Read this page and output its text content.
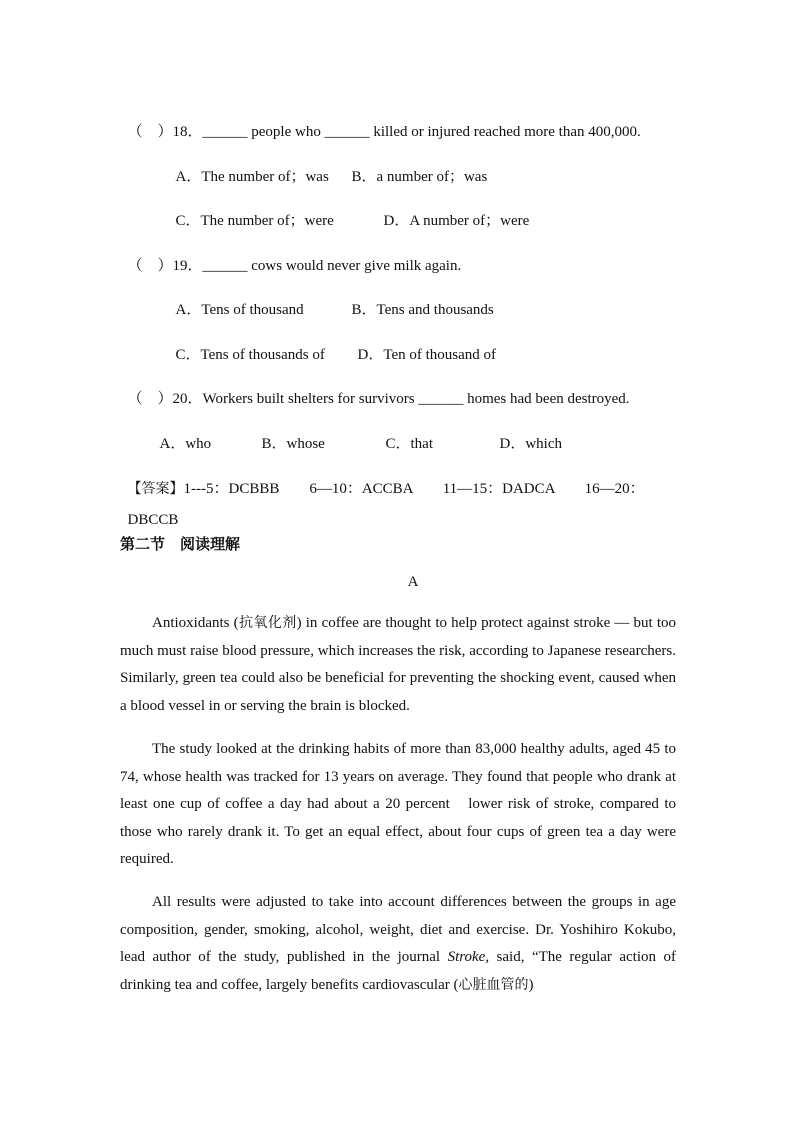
（　）18．______ people who ______ killed or injured reached more than 400,000.

A．The number of；was B．a number of；was

C．The number of；were	D．A number of；were

（　）19．______ cows would never give milk again.

A．Tens of thousand	B．Tens and thousands

C．Tens of thousands of D．Ten of thousand of

（　）20．Workers built shelters for survivors ______ homes had been destroyed.

A．who	B．whose	C．that	D．which

【答案】1---5：DCBBB　　6—10：ACCBA　　11—15：DADCA　　16—20：

DBCCB

第二节　阅读理解
A

Antioxidants (抗氧化剂) in coffee are thought to help protect against stroke — but too much must raise blood pressure, which increases the risk, according to Japanese researchers. Similarly, green tea could also be beneficial for preventing the shocking event, caused when a blood vessel in or serving the brain is blocked.

The study looked at the drinking habits of more than 83,000 healthy adults, aged 45 to 74, whose health was tracked for 13 years on average. They found that people who drank at least one cup of coffee a day had about a 20 percent　lower risk of stroke, compared to those who rarely drank it. To get an equal effect, about four cups of green tea a day were required.

All results were adjusted to take into account differences between the groups in age composition, gender, smoking, alcohol, weight, diet and exercise. Dr. Yoshihiro Kokubo, lead author of the study, published in the journal Stroke, said, “The regular action of drinking tea and coffee, largely benefits cardiovascular (心脏血管的)
